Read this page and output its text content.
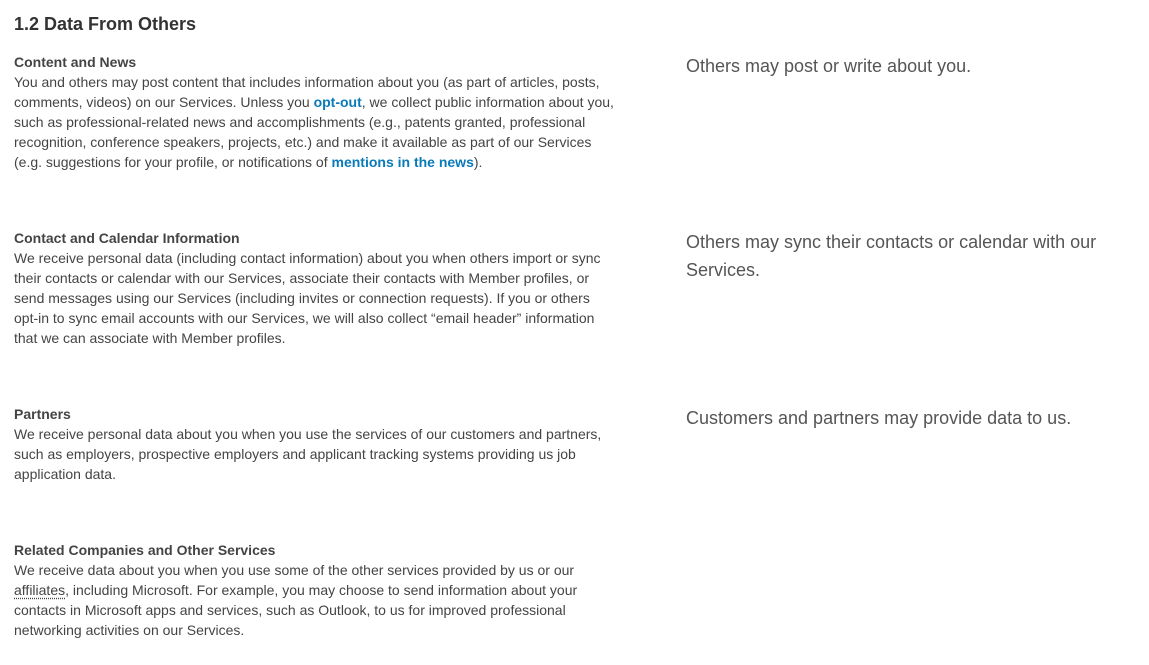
1.2 Data From Others
Content and News

You and others may post content that includes information about you (as part of articles, posts, comments, videos) on our Services. Unless you opt-out, we collect public information about you, such as professional-related news and accomplishments (e.g., patents granted, professional recognition, conference speakers, projects, etc.) and make it available as part of our Services (e.g. suggestions for your profile, or notifications of mentions in the news).

Others may post or write about you.

Contact and Calendar Information

We receive personal data (including contact information) about you when others import or sync their contacts or calendar with our Services, associate their contacts with Member profiles, or send messages using our Services (including invites or connection requests). If you or others opt-in to sync email accounts with our Services, we will also collect “email header” information that we can associate with Member profiles.

Others may sync their contacts or calendar with our Services.

Partners

We receive personal data about you when you use the services of our customers and partners, such as employers, prospective employers and applicant tracking systems providing us job application data.

Customers and partners may provide data to us.

Related Companies and Other Services

We receive data about you when you use some of the other services provided by us or our affiliates, including Microsoft. For example, you may choose to send information about your contacts in Microsoft apps and services, such as Outlook, to us for improved professional networking activities on our Services.
